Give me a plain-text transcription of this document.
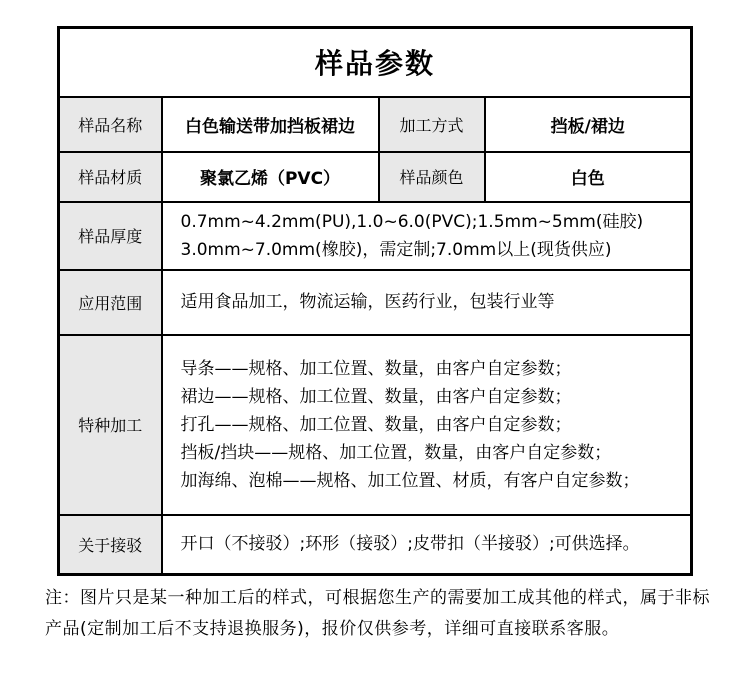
样品参数			
样品名称	白色输送带加挡板裙边	加工方式	挡板/裙边
样品材质	聚氯乙烯（PVC）	样品颜色	白色
样品厚度	0.7mm~4.2mm(PU),1.0~6.0(PVC);1.5mm~5mm(硅胶)
3.0mm~7.0mm(橡胶)，需定制;7.0mm以上(现货供应)		

应用范围	适用食品加工，物流运输，医药行业，包装行业等		

特种加工	导条——规格、加工位置、数量，由客户自定参数；
裙边——规格、加工位置、数量，由客户自定参数；
打孔——规格、加工位置、数量，由客户自定参数；
挡板/挡块——规格、加工位置，数量，由客户自定参数；
加海绵、泡棉——规格、加工位置、材质，有客户自定参数；		

关于接驳	开口（不接驳）;环形（接驳）;皮带扣（半接驳）;可供选择。		
注：图片只是某一种加工后的样式，可根据您生产的需要加工成其他的样式，属于非标
产品(定制加工后不支持退换服务)，报价仅供参考，详细可直接联系客服。
